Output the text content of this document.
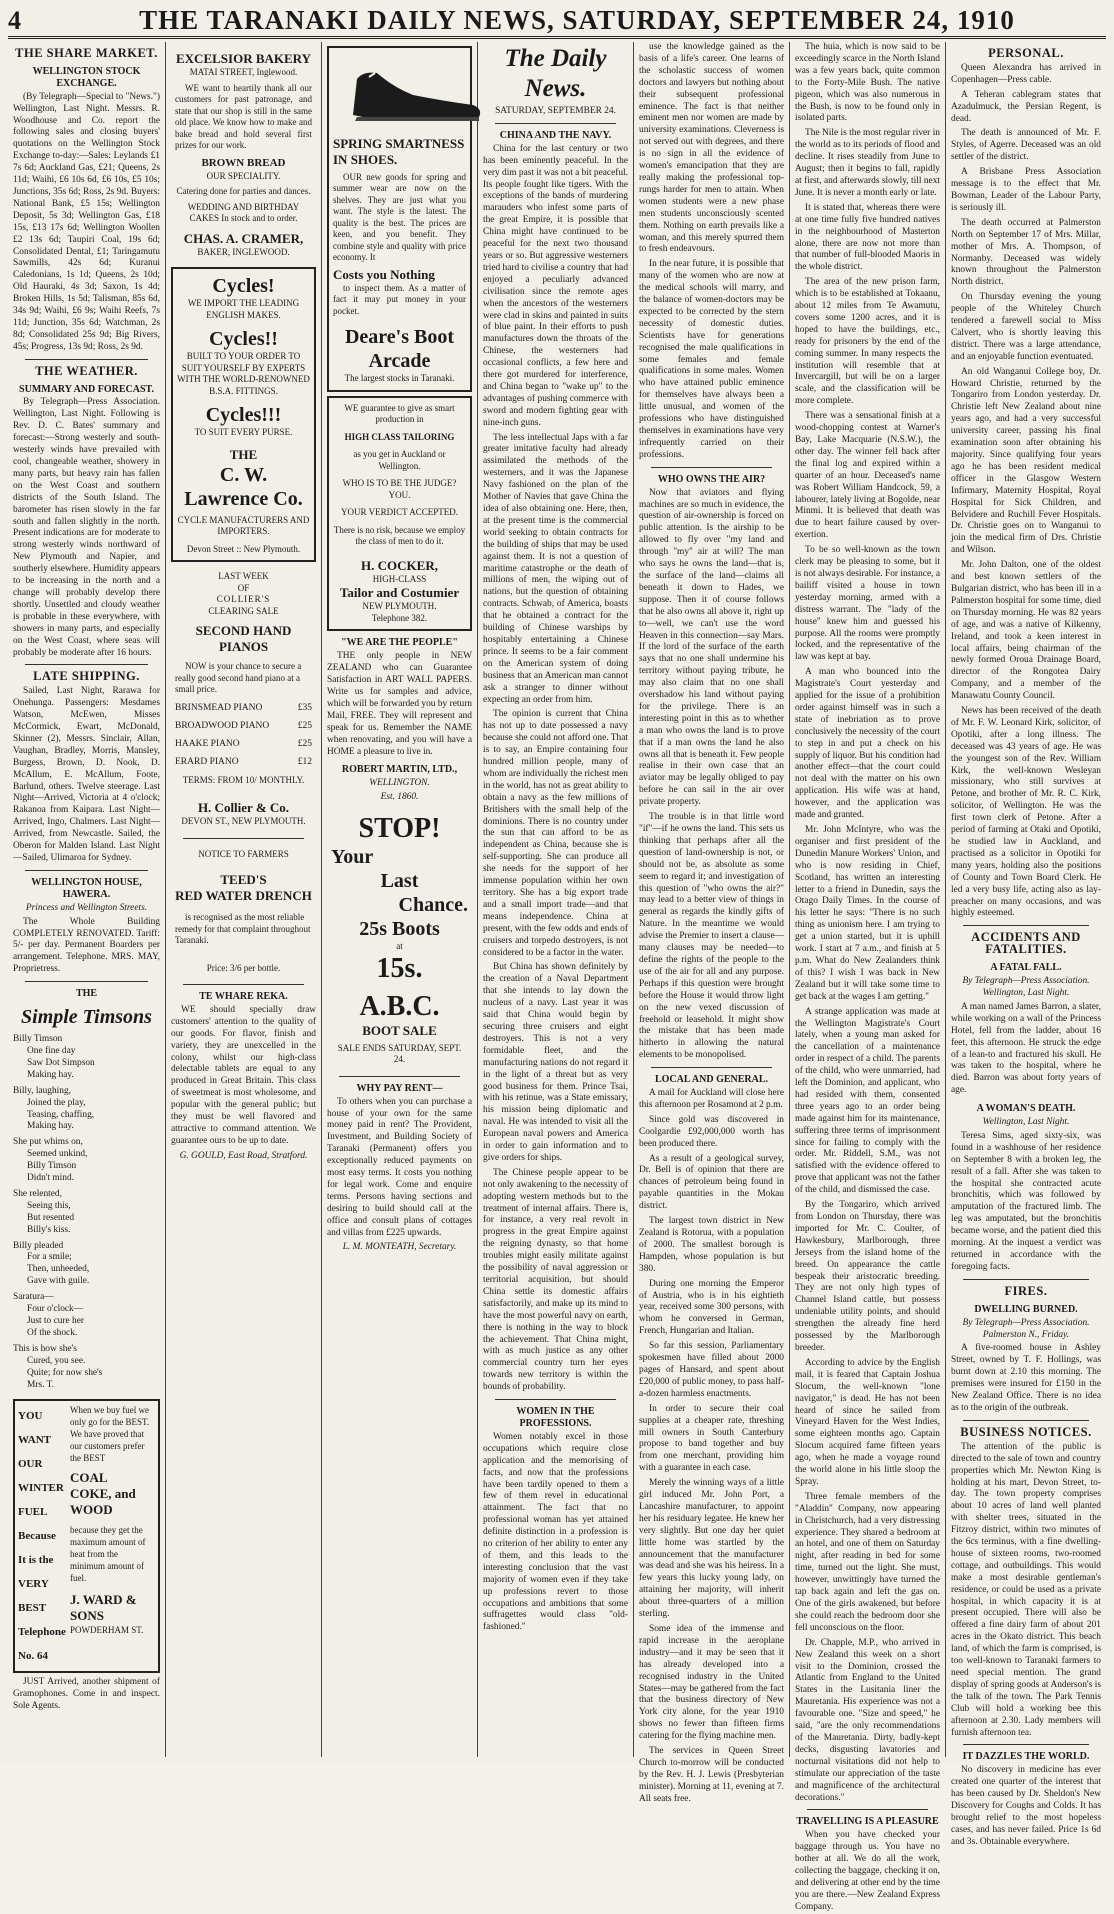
4	THE TARANAKI DAILY NEWS, SATURDAY, SEPTEMBER 24, 1910
THE SHARE MARKET.
WELLINGTON STOCK EXCHANGE.

(By Telegraph—Special to "News.") Wellington, Last Night. Messrs. R. Woodhouse and Co. report the following sales and closing buyers' quotations on the Wellington Stock Exchange to-day:—Sales: Leylands £1 7s 6d; Auckland Gas, £21; Queens, 2s 11d; Waihi, £6 10s 6d, £6 10s, £5 10s; Junctions, 35s 6d; Ross, 2s 9d. Buyers: National Bank, £5 15s; Wellington Deposit, 5s 3d; Wellington Gas, £18 15s, £13 17s 6d; Wellington Woollen £2 13s 6d; Taupiri Coal, 19s 6d; Consolidated Dental, £1; Taringamutu Sawmills, 42s 6d; Kuranui Caledonians, 1s 1d; Queens, 2s 10d; Old Hauraki, 4s 3d; Saxon, 1s 4d; Broken Hills, 1s 5d; Talisman, 85s 6d, 34s 9d; Waihi, £6 9s; Waihi Reefs, 7s 11d; Junction, 35s 6d; Watchman, 2s 8d; Consolidated 25s 9d; Big Rivers, 45s; Progress, 13s 9d; Ross, 2s 9d.

THE WEATHER.
SUMMARY AND FORECAST.

By Telegraph—Press Association. Wellington, Last Night. Following is Rev. D. C. Bates' summary and forecast:—Strong westerly and south-westerly winds have prevailed with cool, changeable weather, showery in many parts, but heavy rain has fallen on the West Coast and southern districts of the South Island. The barometer has risen slowly in the far south and fallen slightly in the north. Present indications are for moderate to strong westerly winds northward of New Plymouth and Napier, and southerly elsewhere. Humidity appears to be increasing in the north and a change will probably develop there shortly. Unsettled and cloudy weather is probable in these everywhere, with showers in many parts, and especially on the West Coast, where seas will probably be moderate after 16 hours.

LATE SHIPPING.

Sailed, Last Night, Rarawa for Onehunga. Passengers: Mesdames Watson, McEwen, Misses McCormick, Ewart, McDonald, Skinner (2), Messrs. Sinclair, Allan, Vaughan, Bradley, Morris, Mansley, Burgess, Brown, D. Nook, D. McAllum, E. McAllum, Foote, Barlund, others. Twelve steerage. Last Night—Arrived, Victoria at 4 o'clock; Rakanoa from Kaipara. Last Night—Arrived, Ingo, Chalmers. Last Night—Arrived, from Newcastle. Sailed, the Oberon for Malden Island. Last Night—Sailed, Ulimaroa for Sydney.

WELLINGTON HOUSE, HAWERA.
Princess and Wellington Streets.

The Whole Building COMPLETELY RENOVATED. Tariff: 5/- per day. Permanent Boarders per arrangement. Telephone. MRS. MAY, Proprietress.

THE
Simple Timsons

Billy Timson

One fine day

Saw Dot Simpson

Making hay.

Billy, laughing,

Joined the play,

Teasing, chaffing,

Making hay.

She put whims on,

Seemed unkind,

Billy Timson

Didn't mind.

She relented,

Seeing this,

But resented

Billy's kiss.

Billy pleaded

For a smile;

Then, unheeded,

Gave with guile.

Saratura—

Four o'clock—

Just to cure her

Of the shock.

This is how she's

Cured, you see.

Quite; for now she's

Mrs. T.

YOU
WANT
OUR
WINTER
FUEL
Because
It is the
VERY
BEST
Telephone
No. 64
When we buy fuel we only go for the BEST. We have proved that our customers prefer the BEST
COAL
COKE, and
WOOD
because they get the maximum amount of heat from the minimum amount of fuel.
J. WARD & SONS
POWDERHAM ST.

JUST Arrived, another shipment of Gramophones. Come in and inspect. Sole Agents.

EXCELSIOR BAKERY
MATAI STREET, Inglewood.

WE want to heartily thank all our customers for past patronage, and state that our shop is still in the same old place. We know how to make and bake bread and hold several first prizes for our work.

BROWN BREAD
OUR SPECIALITY.
Catering done for parties and dances.
WEDDING AND BIRTHDAY CAKES In stock and to order.
CHAS. A. CRAMER,
BAKER, INGLEWOOD.
Cycles!
WE IMPORT THE LEADING ENGLISH MAKES.
Cycles!!
BUILT TO YOUR ORDER TO SUIT YOURSELF BY EXPERTS WITH THE WORLD-RENOWNED B.S.A. FITTINGS.
Cycles!!!
TO SUIT EVERY PURSE.
THE
C. W. Lawrence Co.
CYCLE MANUFACTURERS AND IMPORTERS.
Devon Street :: New Plymouth.
LAST WEEK
OF
COLLIER'S
CLEARING SALE
SECOND HAND PIANOS

NOW is your chance to secure a really good second hand piano at a small price.

BRINSMEAD PIANO	£35
BROADWOOD PIANO	£25
HAAKE PIANO	£25
ERARD PIANO	£12
TERMS: FROM 10/ MONTHLY.
H. Collier & Co.
DEVON ST., NEW PLYMOUTH.
NOTICE TO FARMERS
TEED'S
RED WATER DRENCH

is recognised as the most reliable remedy for that complaint throughout Taranaki.

Price: 3/6 per bottle.
TE WHARE REKA.

WE should specially draw customers' attention to the quality of our goods. For flavor, finish and variety, they are unexcelled in the colony, whilst our high-class delectable tablets are equal to any produced in Great Britain. This class of sweetmeat is most wholesome, and popular with the general public; but they must be well flavored and attractive to command attention. We guarantee ours to be up to date.

G. GOULD, East Road, Stratford.
SPRING SMARTNESS IN SHOES.

OUR new goods for spring and summer wear are now on the shelves. They are just what you want. The style is the latest. The quality is the best. The prices are keen, and you benefit. They combine style and quality with price economy. It

Costs you Nothing

to inspect them. As a matter of fact it may put money in your pocket.

Deare's Boot Arcade
The largest stocks in Taranaki.
WE guarantee to give as smart production in
HIGH CLASS TAILORING
as you get in Auckland or Wellington.
WHO IS TO BE THE JUDGE? YOU.
YOUR VERDICT ACCEPTED.
There is no risk, because we employ the class of men to do it.
H. COCKER,
HIGH-CLASS
Tailor and Costumier
NEW PLYMOUTH.
Telephone 382.
"WE ARE THE PEOPLE"

THE only people in NEW ZEALAND who can Guarantee Satisfaction in ART WALL PAPERS. Write us for samples and advice, which will be forwarded you by return Mail, FREE. They will represent and speak for us. Remember the NAME when renovating, and you will have a HOME a pleasure to live in.

ROBERT MARTIN, LTD.,
WELLINGTON.
Est. 1860.
STOP!
Your
Last
Chance.
25s Boots
at
15s.
A.B.C.
BOOT SALE
SALE ENDS SATURDAY, SEPT. 24.
WHY PAY RENT—

To others when you can purchase a house of your own for the same money paid in rent? The Provident, Investment, and Building Society of Taranaki (Permanent) offers you exceptionally reduced payments on most easy terms. It costs you nothing for legal work. Come and enquire terms. Persons having sections and desiring to build should call at the office and consult plans of cottages and villas from £225 upwards.

L. M. MONTEATH, Secretary.
The Daily News.
SATURDAY, SEPTEMBER 24.
CHINA AND THE NAVY.

China for the last century or two has been eminently peaceful. In the very dim past it was not a bit peaceful. Its people fought like tigers. With the exceptions of the bands of murdering marauders who infest some parts of the great Empire, it is possible that China might have continued to be peaceful for the next two thousand years or so. But aggressive westerners tried hard to civilise a country that had enjoyed a peculiarly advanced civilisation since the remote ages when the ancestors of the westerners were clad in skins and painted in suits of blue paint. In their efforts to push manufactures down the throats of the Chinese, the westerners had occasional conflicts, a few here and there got murdered for interference, and China began to "wake up" to the advantages of pushing commerce with sword and modern fighting gear with nine-inch guns.

The less intellectual Japs with a far greater imitative faculty had already assimilated the methods of the westerners, and it was the Japanese Navy fashioned on the plan of the Mother of Navies that gave China the idea of also obtaining one. Here, then, at the present time is the commercial world seeking to obtain contracts for the building of ships that may be used against them. It is not a question of maritime catastrophe or the death of millions of men, the wiping out of nations, but the question of obtaining contracts. Schwab, of America, boasts that he obtained a contract for the building of Chinese warships by hospitably entertaining a Chinese prince. It seems to be a fair comment on the American system of doing business that an American man cannot ask a stranger to dinner without expecting an order from him.

The opinion is current that China has not up to date possessed a navy because she could not afford one. That is to say, an Empire containing four hundred million people, many of whom are individually the richest men in the world, has not as great ability to obtain a navy as the few millions of Britishers with the small help of the dominions. There is no country under the sun that can afford to be as independent as China, because she is self-supporting. She can produce all she needs for the support of her immense population within her own territory. She has a big export trade and a small import trade—and that means independence. China at present, with the few odds and ends of cruisers and torpedo destroyers, is not considered to be a factor in the water.

But China has shown definitely by the creation of a Naval Department that she intends to lay down the nucleus of a navy. Last year it was said that China would begin by securing three cruisers and eight destroyers. This is not a very formidable fleet, and the manufacturing nations do not regard it in the light of a threat but as very good business for them. Prince Tsai, with his retinue, was a State emissary, his mission being diplomatic and naval. He was intended to visit all the European naval powers and America in order to gain information and to give orders for ships.

The Chinese people appear to be not only awakening to the necessity of adopting western methods but to the treatment of internal affairs. There is, for instance, a very real revolt in progress in the great Empire against the reigning dynasty, so that home troubles might easily militate against the possibility of naval aggression or territorial acquisition, but should China settle its domestic affairs satisfactorily, and make up its mind to have the most powerful navy on earth, there is nothing in the way to block the achievement. That China might, with as much justice as any other commercial country turn her eyes towards new territory is within the bounds of probability.

WOMEN IN THE PROFESSIONS.

Women notably excel in those occupations which require close application and the memorising of facts, and now that the professions have been tardily opened to them a few of them revel in educational attainment. The fact that no professional woman has yet attained definite distinction in a profession is no criterion of her ability to enter any of them, and this leads to the interesting conclusion that the vast majority of women even if they take up professions revert to those occupations and ambitions that some suffragettes would class "old-fashioned."

use the knowledge gained as the basis of a life's career. One learns of the scholastic success of women doctors and lawyers but nothing about their subsequent professional eminence. The fact is that neither eminent men nor women are made by university examinations. Cleverness is not served out with degrees, and there is no sign in all the evidence of women's emancipation that they are really making the professional top-rungs harder for men to attain. When women students were a new phase men students unconsciously scented them. Nothing on earth prevails like a woman, and this merely spurred them to fresh endeavours.

In the near future, it is possible that many of the women who are now at the medical schools will marry, and the balance of women-doctors may be expected to be corrected by the stern necessity of domestic duties. Scientists have for generations recognised the male qualifications in some females and female qualifications in some males. Women who have attained public eminence for themselves have always been a little unusual, and women of the professions who have distinguished themselves in examinations have very infrequently carried on their professions.

WHO OWNS THE AIR?

Now that aviators and flying machines are so much in evidence, the question of air-ownership is forced on public attention. Is the airship to be allowed to fly over "my land and through "my" air at will? The man who says he owns the land—that is, the surface of the land—claims all beneath it down to Hades, we suppose. Then it of course follows that he also owns all above it, right up to—well, we can't use the word Heaven in this connection—say Mars. If the lord of the surface of the earth says that no one shall undermine his territory without paying tribute, he may also claim that no one shall overshadow his land without paying for the privilege. There is an interesting point in this as to whether a man who owns the land is to prove that if a man owns the land he also owns all that is beneath it. Few people realise in their own case that an aviator may be legally obliged to pay before he can sail in the air over private property.

The trouble is in that little word "if"—if he owns the land. This sets us thinking that perhaps after all the question of land-ownership is not, or should not be, as absolute as some seem to regard it; and investigation of this question of "who owns the air?" may lead to a better view of things in general as regards the kindly gifts of Nature. In the meantime we would advise the Premier to insert a clause—many clauses may be needed—to define the rights of the people to the use of the air for all and any purpose. Perhaps if this question were brought before the House it would throw light on the new vexed discussion of freehold or leasehold. It might show the mistake that has been made hitherto in allowing the natural elements to be monopolised.

LOCAL AND GENERAL.

A mail for Auckland will close here this afternoon per Rosamond at 2 p.m.

Since gold was discovered in Coolgardie £92,000,000 worth has been produced there.

As a result of a geological survey, Dr. Bell is of opinion that there are chances of petroleum being found in payable quantities in the Mokau district.

The largest town district in New Zealand is Rotorua, with a population of 2000. The smallest borough is Hampden, whose population is but 380.

During one morning the Emperor of Austria, who is in his eightieth year, received some 300 persons, with whom he conversed in German, French, Hungarian and Italian.

So far this session, Parliamentary spokesmen have filled about 2000 pages of Hansard, and spent about £20,000 of public money, to pass half-a-dozen harmless enactments.

In order to secure their coal supplies at a cheaper rate, threshing mill owners in South Canterbury propose to band together and buy from one merchant, providing him with a guarantee in each case.

Merely the winning ways of a little girl induced Mr. John Port, a Lancashire manufacturer, to appoint her his residuary legatee. He knew her very slightly. But one day her quiet little home was startled by the announcement that the manufacturer was dead and she was his heiress. In a few years this lucky young lady, on attaining her majority, will inherit about three-quarters of a million sterling.

Some idea of the immense and rapid increase in the aeroplane industry—and it may be seen that it has already developed into a recognised industry in the United States—may be gathered from the fact that the business directory of New York city alone, for the year 1910 shows no fewer than fifteen firms catering for the flying machine men.

The services in Queen Street Church to-morrow will be conducted by the Rev. H. J. Lewis (Presbyterian minister). Morning at 11, evening at 7. All seats free.

The huia, which is now said to be exceedingly scarce in the North Island was a few years back, quite common to the Forty-Mile Bush. The native pigeon, which was also numerous in the Bush, is now to be found only in isolated parts.

The Nile is the most regular river in the world as to its periods of flood and decline. It rises steadily from June to August; then it begins to fall, rapidly at first, and afterwards slowly, till next June. It is never a month early or late.

It is stated that, whereas there were at one time fully five hundred natives in the neighbourhood of Masterton alone, there are now not more than that number of full-blooded Maoris in the whole district.

The area of the new prison farm, which is to be established at Tokaanu, about 12 miles from Te Awamutu, covers some 1200 acres, and it is hoped to have the buildings, etc., ready for prisoners by the end of the coming summer. In many respects the institution will resemble that at Invercargill, but will be on a larger scale, and the classification will be more complete.

There was a sensational finish at a wood-chopping contest at Warner's Bay, Lake Macquarie (N.S.W.), the other day. The winner fell back after the final log and expired within a quarter of an hour. Deceased's name was Robert William Handcock, 59, a labourer, lately living at Bogolde, near Minmi. It is believed that death was due to heart failure caused by over-exertion.

To be so well-known as the town clerk may be pleasing to some, but it is not always desirable. For instance, a bailiff visited a house in town yesterday morning, armed with a distress warrant. The "lady of the house" knew him and guessed his purpose. All the rooms were promptly locked, and the representative of the law was kept at bay.

A man who bounced into the Magistrate's Court yesterday and applied for the issue of a prohibition order against himself was in such a state of inebriation as to prove conclusively the necessity of the court to step in and put a check on his supply of liquor. But his condition had another effect—that the court could not deal with the matter on his own application. His wife was at hand, however, and the application was made and granted.

Mr. John McIntyre, who was the organiser and first president of the Dunedin Manure Workers' Union, and who is now residing in Chief, Scotland, has written an interesting letter to a friend in Dunedin, says the Otago Daily Times. In the course of his letter he says: "There is no such thing as unionism here. I am trying to get a union started, but it is uphill work. I start at 7 a.m., and finish at 5 p.m. What do New Zealanders think of this? I wish I was back in New Zealand but it will take some time to get back at the wages I am getting."

A strange application was made at the Wellington Magistrate's Court lately, when a young man asked for the cancellation of a maintenance order in respect of a child. The parents of the child, who were unmarried, had left the Dominion, and applicant, who had resided with them, consented three years ago to an order being made against him for its maintenance, suffering three terms of imprisonment since for failing to comply with the order. Mr. Riddell, S.M., was not satisfied with the evidence offered to prove that applicant was not the father of the child, and dismissed the case.

By the Tongariro, which arrived from London on Thursday, there was imported for Mr. C. Coulter, of Hawkesbury, Marlborough, three Jerseys from the island home of the breed. On appearance the cattle bespeak their aristocratic breeding. They are not only high types of Channel Island cattle, but possess undeniable utility points, and should strengthen the already fine herd possessed by the Marlborough breeder.

According to advice by the English mail, it is feared that Captain Joshua Slocum, the well-known "lone navigator," is dead. He has not been heard of since he sailed from Vineyard Haven for the West Indies, some eighteen months ago. Captain Slocum acquired fame fifteen years ago, when he made a voyage round the world alone in his little sloop the Spray.

Three female members of the "Aladdin" Company, now appearing in Christchurch, had a very distressing experience. They shared a bedroom at an hotel, and one of them on Saturday night, after reading in bed for some time, turned out the light. She must, however, unwittingly have turned the tap back again and left the gas on. One of the girls awakened, but before she could reach the bedroom door she fell unconscious on the floor.

Dr. Chapple, M.P., who arrived in New Zealand this week on a short visit to the Dominion, crossed the Atlantic from England to the United States in the Lusitania liner the Mauretania. His experience was not a favourable one. "Size and speed," he said, "are the only recommendations of the Mauretania. Dirty, badly-kept decks, disgusting lavatories and nocturnal visitations did not help to stimulate our appreciation of the taste and magnificence of the architectural decorations."

TRAVELLING IS A PLEASURE

When you have checked your baggage through us. You have no bother at all. We do all the work, collecting the baggage, checking it on, and delivering at other end by the time you are there.—New Zealand Express Company.

PERSONAL.

Queen Alexandra has arrived in Copenhagen—Press cable.

A Teheran cablegram states that Azadulmuck, the Persian Regent, is dead.

The death is announced of Mr. F. Styles, of Agerre. Deceased was an old settler of the district.

A Brisbane Press Association message is to the effect that Mr. Bowman, Leader of the Labour Party, is seriously ill.

The death occurred at Palmerston North on September 17 of Mrs. Millar, mother of Mrs. A. Thompson, of Normanby. Deceased was widely known throughout the Palmerston North district.

On Thursday evening the young people of the Whiteley Church tendered a farewell social to Miss Calvert, who is shortly leaving this district. There was a large attendance, and an enjoyable function eventuated.

An old Wanganui College boy, Dr. Howard Christie, returned by the Tongariro from London yesterday. Dr. Christie left New Zealand about nine years ago, and had a very successful university career, passing his final examination soon after obtaining his majority. Since qualifying four years ago he has been resident medical officer in the Glasgow Western Infirmary, Maternity Hospital, Royal Hospital for Sick Children, and Belvidere and Ruchill Fever Hospitals. Dr. Christie goes on to Wanganui to join the medical firm of Drs. Christie and Wilson.

Mr. John Dalton, one of the oldest and best known settlers of the Bulgarian district, who has been ill in a Palmerston hospital for some time, died on Thursday morning. He was 82 years of age, and was a native of Kilkenny, Ireland, and took a keen interest in local affairs, being chairman of the newly formed Oroua Drainage Board, director of the Rongotea Dairy Company, and a member of the Manawatu County Council.

News has been received of the death of Mr. F. W. Leonard Kirk, solicitor, of Opotiki, after a long illness. The deceased was 43 years of age. He was the youngest son of the Rev. William Kirk, the well-known Wesleyan missionary, who still survives at Petone, and brother of Mr. R. C. Kirk, solicitor, of Wellington. He was the first town clerk of Petone. After a period of farming at Otaki and Opotiki, he studied law in Auckland, and practised as a solicitor in Opotiki for many years, holding also the positions of County and Town Board Clerk. He led a very busy life, acting also as lay-preacher on many occasions, and was highly esteemed.

ACCIDENTS AND FATALITIES.
A FATAL FALL.
By Telegraph—Press Association. Wellington, Last Night.

A man named James Barron, a slater, while working on a wall of the Princess Hotel, fell from the ladder, about 16 feet, this afternoon. He struck the edge of a lean-to and fractured his skull. He was taken to the hospital, where he died. Barron was about forty years of age.

A WOMAN'S DEATH.
Wellington, Last Night.

Teresa Sims, aged sixty-six, was found in a washhouse of her residence on September 8 with a broken leg, the result of a fall. After she was taken to the hospital she contracted acute bronchitis, which was followed by amputation of the fractured limb. The leg was amputated, but the bronchitis became worse, and the patient died this morning. At the inquest a verdict was returned in accordance with the foregoing facts.

FIRES.
DWELLING BURNED.
By Telegraph—Press Association. Palmerston N., Friday.

A five-roomed house in Ashley Street, owned by T. F. Hollings, was burnt down at 2.10 this morning. The premises were insured for £150 in the New Zealand Office. There is no idea as to the origin of the outbreak.

BUSINESS NOTICES.

The attention of the public is directed to the sale of town and country properties which Mr. Newton King is holding at his mart, Devon Street, to-day. The town property comprises about 10 acres of land well planted with shelter trees, situated in the Fitzroy district, within two minutes of the 6cs terminus, with a fine dwelling-house of sixteen rooms, two-roomed cottage, and outbuildings. This would make a most desirable gentleman's residence, or could be used as a private hospital, in which capacity it is at present occupied. There will also be offered a fine dairy farm of about 201 acres in the Okato district. This beach land, of which the farm is comprised, is too well-known to Taranaki farmers to need special mention. The grand display of spring goods at Anderson's is the talk of the town. The Park Tennis Club will hold a working bee this afternoon at 2.30. Lady members will furnish afternoon tea.

IT DAZZLES THE WORLD.

No discovery in medicine has ever created one quarter of the interest that has been caused by Dr. Sheldon's New Discovery for Coughs and Colds. It has brought relief to the most hopeless cases, and has never failed. Price 1s 6d and 3s. Obtainable everywhere.
